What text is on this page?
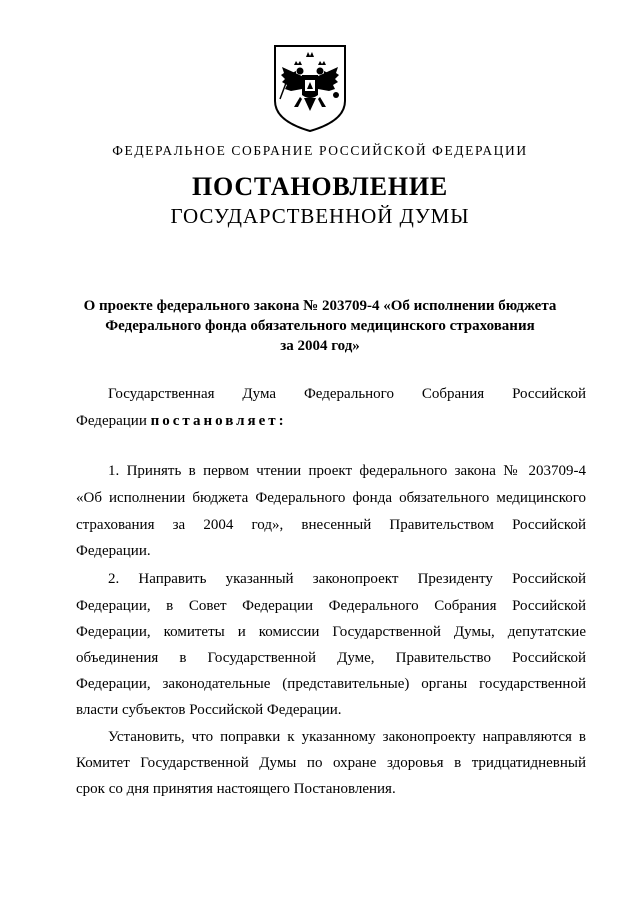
ФЕДЕРАЛЬНОЕ СОБРАНИЕ РОССИЙСКОЙ ФЕДЕРАЦИИ
ПОСТАНОВЛЕНИЕ
ГОСУДАРСТВЕННОЙ ДУМЫ
О проекте федерального закона № 203709-4 «Об исполнении бюджета
Федерального фонда обязательного медицинского страхования
за 2004 год»
Государственная Дума Федерального Собрания Российской
Федерации постановляет:
1. Принять в первом чтении проект федерального закона № 203709-4
«Об исполнении бюджета Федерального фонда обязательного медицинского
страхования за 2004 год», внесенный Правительством Российской
Федерации.
2. Направить указанный законопроект Президенту Российской
Федерации, в Совет Федерации Федерального Собрания Российской
Федерации, комитеты и комиссии Государственной Думы, депутатские
объединения в Государственной Думе, Правительство Российской
Федерации, законодательные (представительные) органы государственной
власти субъектов Российской Федерации.
Установить, что поправки к указанному законопроекту направляются в
Комитет Государственной Думы по охране здоровья в тридцатидневный
срок со дня принятия настоящего Постановления.
